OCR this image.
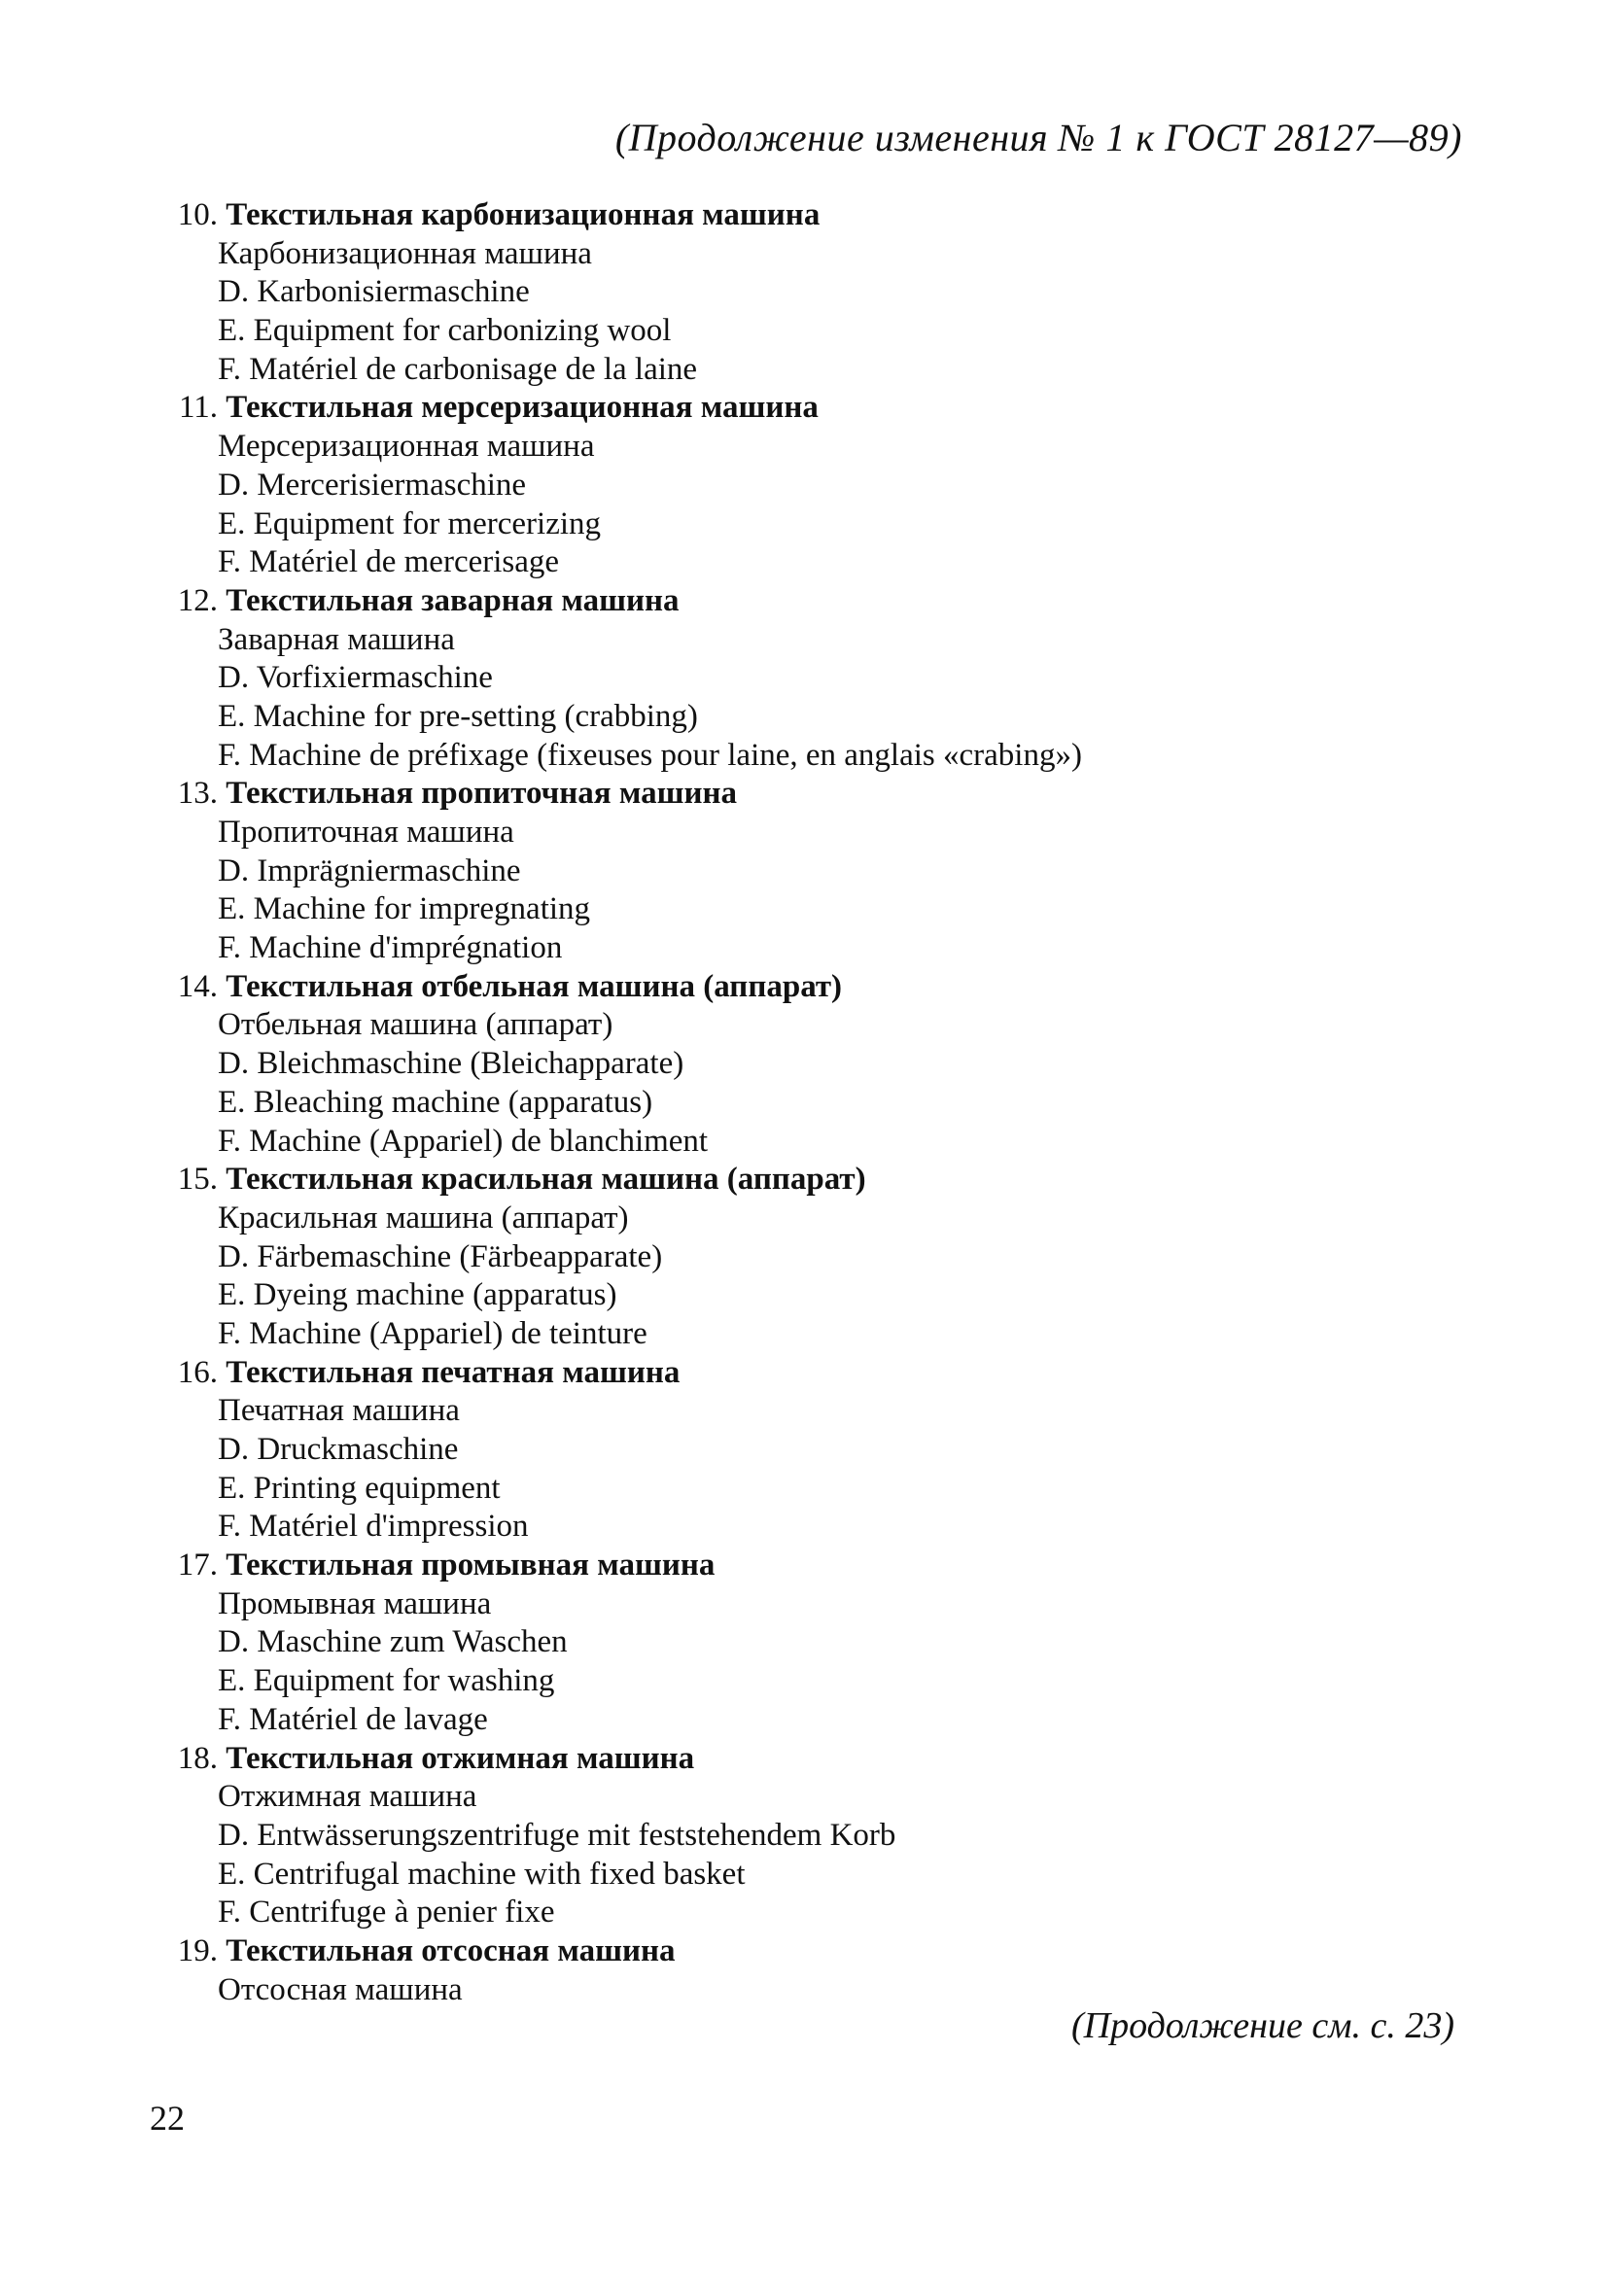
(Продолжение изменения № 1 к ГОСТ 28127—89)
10.
Текстильная карбонизационная машина
Карбонизационная машина
D. Karbonisiermaschine
E. Equipment for carbonizing wool
F. Matériel de carbonisage de la laine
11.
Текстильная мерсеризационная машина
Мерсеризационная машина
D. Mercerisiermaschine
E. Equipment for mercerizing
F. Matériel de mercerisage
12.
Текстильная заварная машина
Заварная машина
D. Vorfixiermaschine
E. Machine for pre-setting (crabbing)
F. Machine de préfixage (fixeuses pour laine, en anglais «crabing»)
13.
Текстильная пропиточная машина
Пропиточная машина
D. Imprägniermaschine
E. Machine for impregnating
F. Machine d'imprégnation
14.
Текстильная отбельная машина (аппарат)
Отбельная машина (аппарат)
D. Bleichmaschine (Bleichapparate)
E. Bleaching machine (apparatus)
F. Machine (Appariel) de blanchiment
15.
Текстильная красильная машина (аппарат)
Красильная машина (аппарат)
D. Färbemaschine (Färbeapparate)
E. Dyeing machine (apparatus)
F. Machine (Appariel) de teinture
16.
Текстильная печатная машина
Печатная машина
D. Druckmaschine
E. Printing equipment
F. Matériel d'impression
17.
Текстильная промывная машина
Промывная машина
D. Maschine zum Waschen
E. Equipment for washing
F. Matériel de lavage
18.
Текстильная отжимная машина
Отжимная машина
D. Entwässerungszentrifuge mit feststehendem Korb
E. Centrifugal machine with fixed basket
F. Centrifuge à penier fixe
19.
Текстильная отсосная машина
Отсосная машина
(Продолжение см. с. 23)
22
